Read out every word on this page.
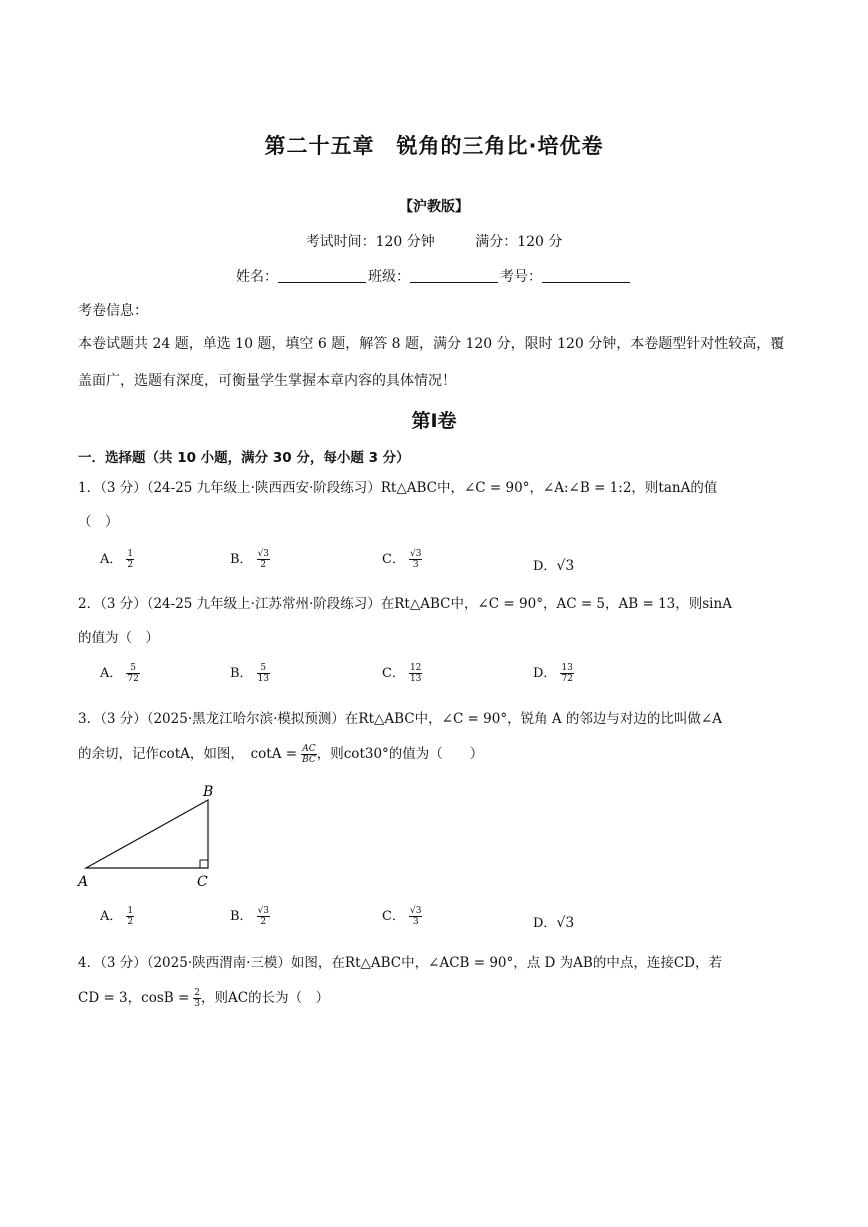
第二十五章　锐角的三角比·培优卷
【沪教版】
考试时间：120 分钟	满分：120 分
姓名：	班级：	考号：
考卷信息：
本卷试题共 24 题，单选 10 题，填空 6 题，解答 8 题，满分 120 分，限时 120 分钟，本卷题型针对性较高，覆盖面广，选题有深度，可衡量学生掌握本章内容的具体情况！
第Ⅰ卷
一．选择题（共 10 小题，满分 30 分，每小题 3 分）
1．（3 分）（24-25 九年级上·陕西西安·阶段练习）Rt△ABC中，∠C = 90°，∠A:∠B = 1:2，则tanA的值
（　）
A． $\frac{1}{2}$	B． $\frac{√3}{2}$	C． $\frac{√3}{3}$	D．√3
2．（3 分）（24-25 九年级上·江苏常州·阶段练习）在Rt△ABC中，∠C = 90°，AC = 5，AB = 13，则sinA
的值为（　）
A． $\frac{5}{72}$	B． $\frac{5}{13}$	C． $\frac{12}{13}$	D． $\frac{13}{72}$
3．（3 分）（2025·黑龙江哈尔滨·模拟预测）在Rt△ABC中，∠C = 90°，锐角 A 的邻边与对边的比叫做∠A
的余切，记作cotA，如图，　$\cot A = \frac{AC}{BC}$ ，则cot30°的值为（　　）
A
B
C
A． $\frac{1}{2}$	B． $\frac{√3}{2}$	C． $\frac{√3}{3}$	D．√3
4．（3 分）（2025·陕西渭南·三模）如图，在Rt△ABC中，∠ACB = 90°，点 D 为AB的中点，连接CD，若
CD = 3，$\cos B = \frac{2}{3}$ ，则AC的长为（　）
